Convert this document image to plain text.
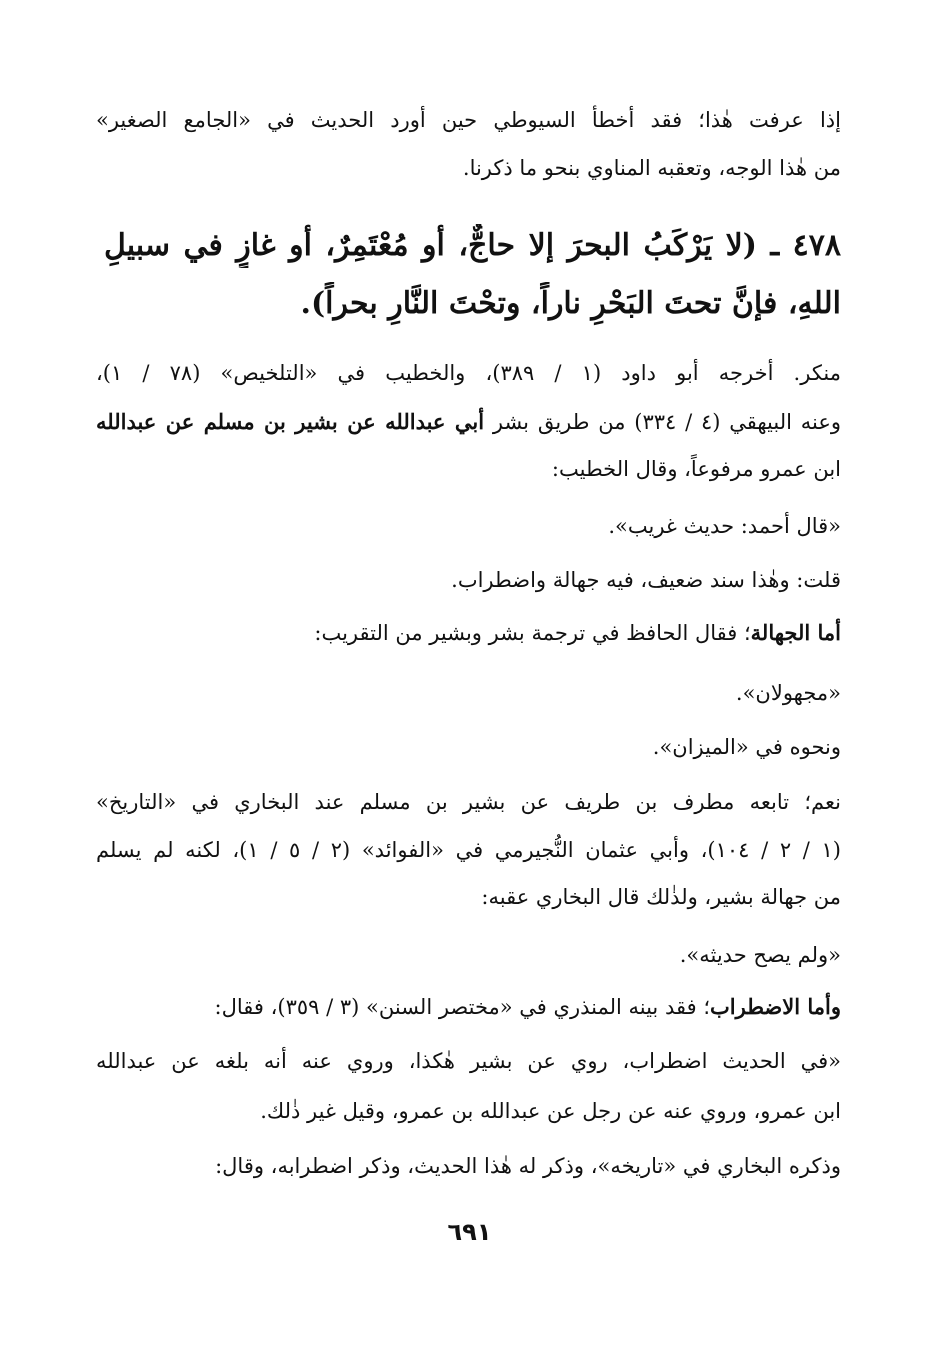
إذا عرفت هٰذا؛ فقد أخطأ السيوطي حين أورد الحديث في «الجامع الصغير»
من هٰذا الوجه، وتعقبه المناوي بنحو ما ذكرنا.
٤٧٨ ـ (لا يَرْكَبُ البحرَ إلا حاجٌّ، أو مُعْتَمِرٌ، أو غازٍ في سبيلِ
اللهِ، فإنَّ تحتَ البَحْرِ ناراً، وتحْتَ النَّارِ بحراً).
منكر. أخرجه أبو داود (١ / ٣٨٩)، والخطيب في «التلخيص» (٧٨ / ١)،
وعنه البيهقي (٤ / ٣٣٤) من طريق بشر أبي عبدالله عن بشير بن مسلم عن عبدالله
ابن عمرو مرفوعاً، وقال الخطيب:
«قال أحمد: حديث غريب».
قلت: وهٰذا سند ضعيف، فيه جهالة واضطراب.
أما الجهالة؛ فقال الحافظ في ترجمة بشر وبشير من التقريب:
«مجهولان».
ونحوه في «الميزان».
نعم؛ تابعه مطرف بن طريف عن بشير بن مسلم عند البخاري في «التاريخ»
(١ / ٢ / ١٠٤)، وأبي عثمان النُّجيرمي في «الفوائد» (٢ / ٥ / ١)، لكنه لم يسلم
من جهالة بشير، ولذٰلك قال البخاري عقبه:
«ولم يصح حديثه».
وأما الاضطراب؛ فقد بينه المنذري في «مختصر السنن» (٣ / ٣٥٩)، فقال:
«في الحديث اضطراب، روي عن بشير هٰكذا، وروي عنه أنه بلغه عن عبدالله
ابن عمرو، وروي عنه عن رجل عن عبدالله بن عمرو، وقيل غير ذٰلك.
وذكره البخاري في «تاريخه»، وذكر له هٰذا الحديث، وذكر اضطرابه، وقال:
٦٩١
